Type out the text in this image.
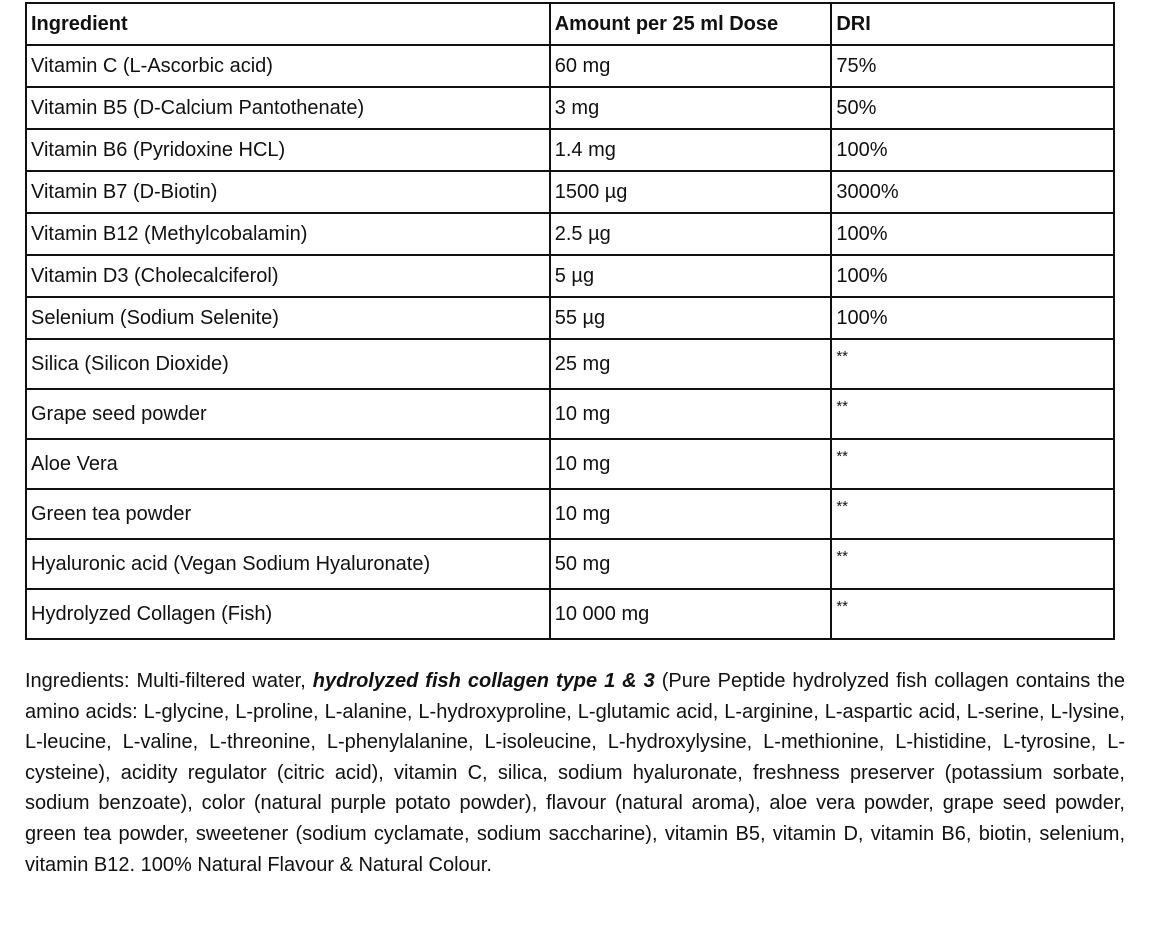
Ingredient	Amount per 25 ml Dose	DRI
Vitamin C (L-Ascorbic acid)	60 mg	75%
Vitamin B5 (D-Calcium Pantothenate)	3 mg	50%
Vitamin B6 (Pyridoxine HCL)	1.4 mg	100%
Vitamin B7 (D-Biotin)	1500 µg	3000%
Vitamin B12 (Methylcobalamin)	2.5 µg	100%
Vitamin D3 (Cholecalciferol)	5 µg	100%
Selenium (Sodium Selenite)	55 µg	100%
Silica (Silicon Dioxide)	25 mg	**
Grape seed powder	10 mg	**
Aloe Vera	10 mg	**
Green tea powder	10 mg	**
Hyaluronic acid (Vegan Sodium Hyaluronate)	50 mg	**
Hydrolyzed Collagen (Fish)	10 000 mg	**

Ingredients: Multi-filtered water, hydrolyzed fish collagen type 1 & 3 (Pure Peptide hydrolyzed fish collagen contains the amino acids: L-glycine, L-proline, L-alanine, L-hydroxyproline, L-glutamic acid, L-arginine, L-aspartic acid, L-serine, L-lysine, L-leucine, L-valine, L-threonine, L-phenylalanine, L-isoleucine, L-hydroxylysine, L-methionine, L-histidine, L-tyrosine, L-cysteine), acidity regulator (citric acid), vitamin C, silica, sodium hyaluronate, freshness preserver (potassium sorbate, sodium benzoate), color (natural purple potato powder), flavour (natural aroma), aloe vera powder, grape seed powder, green tea powder, sweetener (sodium cyclamate, sodium saccharine), vitamin B5, vitamin D, vitamin B6, biotin, selenium, vitamin B12. 100% Natural Flavour & Natural Colour.
